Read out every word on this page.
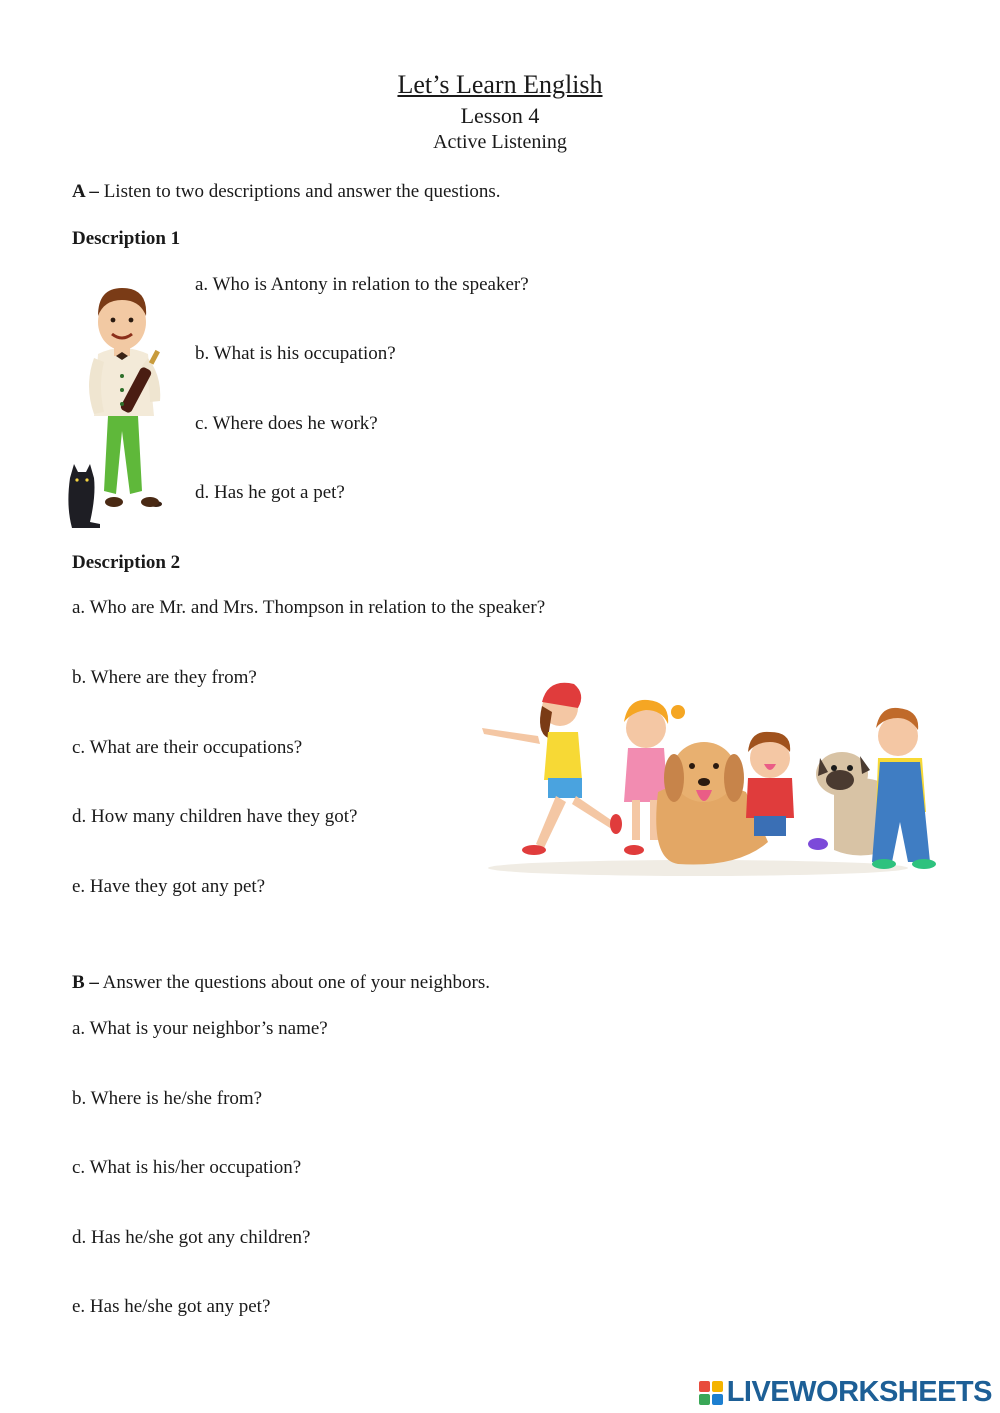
Let’s Learn English
Lesson 4
Active Listening

A – Listen to two descriptions and answer the questions.

Description 1

a. Who is Antony in relation to the speaker?

b. What is his occupation?

c. Where does he work?

d. Has he got a pet?

Description 2

a. Who are Mr. and Mrs. Thompson in relation to the speaker?

b. Where are they from?

c. What are their occupations?

d. How many children have they got?

e. Have they got any pet?

B – Answer the questions about one of your neighbors.

a. What is your neighbor’s name?

b. Where is he/she from?

c. What is his/her occupation?

d. Has he/she got any children?

e. Has he/she got any pet?

LIVEWORKSHEETS
